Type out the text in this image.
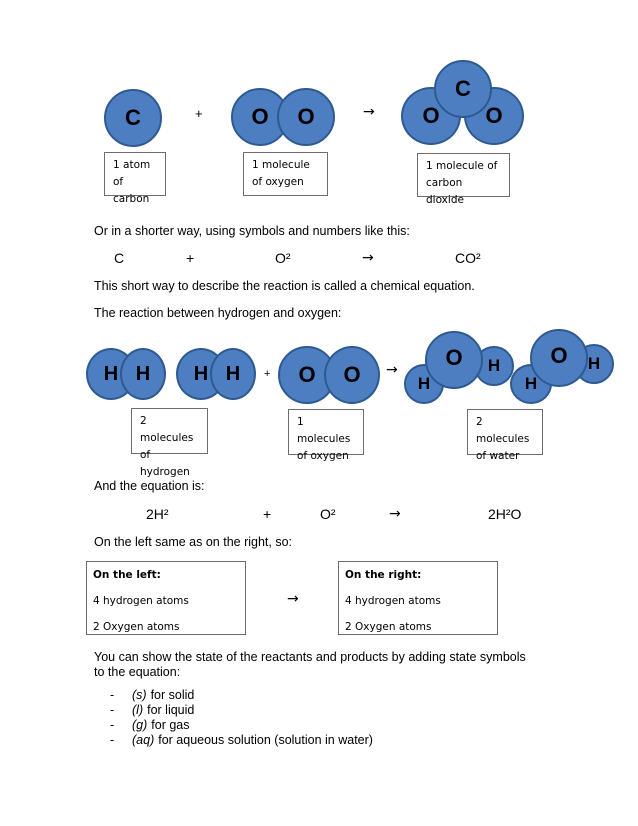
C	+ O O	→ O O
C
1 atom of carbon
1 molecule of oxygen
1 molecule of carbon dioxide
Or in a shorter way, using symbols and numbers like this:
C	+	O²	→	CO²
This short way to describe the reaction is called a chemical equation.
The reaction between hydrogen and oxygen:
H H H H + O O →
H
H
O
H
H
O
2 molecules of hydrogen
1 molecules of oxygen
2 molecules of water
And the equation is:
2H²	+	O²	→	2H²O
On the left same as on the right, so:
On the left:
4 hydrogen atoms
2 Oxygen atoms
→
On the right:
4 hydrogen atoms
2 Oxygen atoms
You can show the state of the reactants and products by adding state symbols to the equation:
-	(s) for solid
-	(l) for liquid
-	(g) for gas
-	(aq) for aqueous solution (solution in water)
